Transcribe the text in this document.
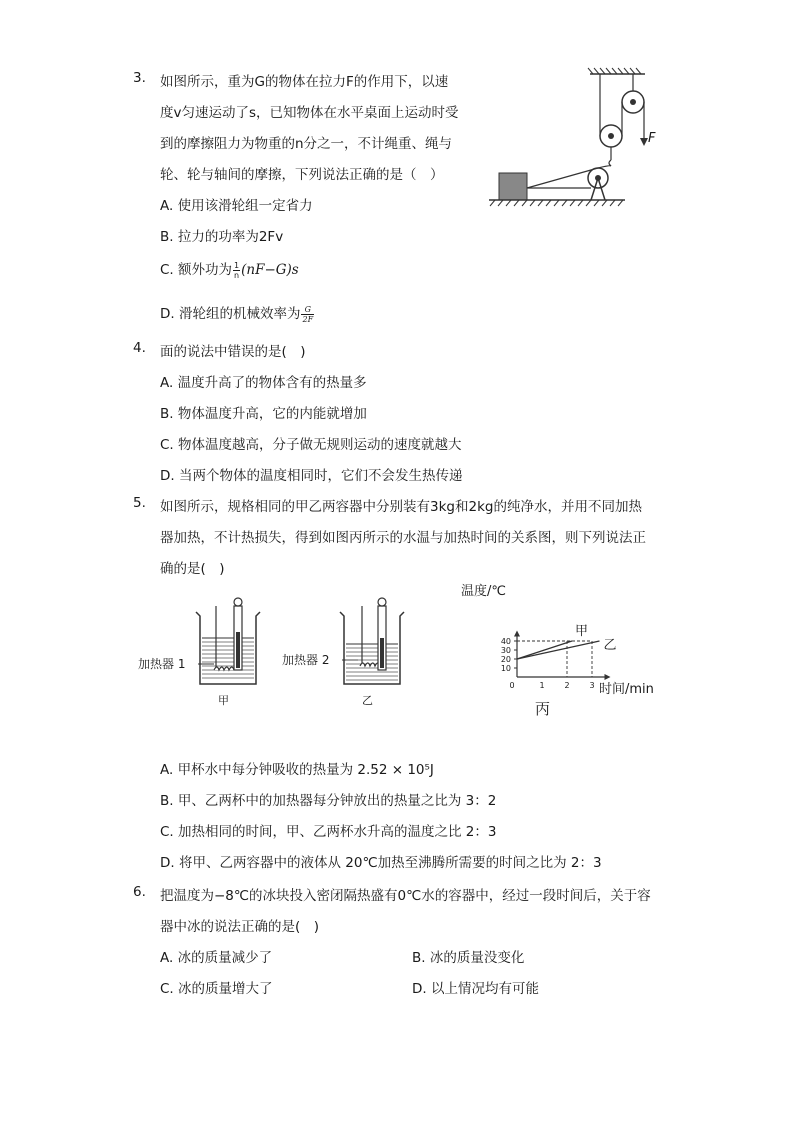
3. 如图所示，重为G的物体在拉力F的作用下，以速
度v匀速运动了s，已知物体在水平桌面上运动时受
到的摩擦阻力为物重的n分之一，不计绳重、绳与
轮、轮与轴间的摩擦，下列说法正确的是（　）
A. 使用该滑轮组一定省力
B. 拉力的功率为2Fv
C. 额外功为 $\frac{1}{n} (nF-G)s$
D. 滑轮组的机械效率为 $\frac{G}{2F}$
F
4. 面的说法中错误的是(　)
A. 温度升高了的物体含有的热量多
B. 物体温度升高，它的内能就增加
C. 物体温度越高，分子做无规则运动的速度就越大
D. 当两个物体的温度相同时，它们不会发生热传递
5. 如图所示，规格相同的甲乙两容器中分别装有3kg和2kg的纯净水，并用不同加热
器加热，不计热损失，得到如图丙所示的水温与加热时间的关系图，则下列说法正
确的是(　)
加热器 1
甲
加热器 2
乙
温度/℃
时间/min
丙
10
20
30
40
0	1 2 3
甲
乙
A. 甲杯水中每分钟吸收的热量为 2.52 × 10⁵J
B. 甲、乙两杯中的加热器每分钟放出的热量之比为 3：2
C. 加热相同的时间，甲、乙两杯水升高的温度之比 2：3
D. 将甲、乙两容器中的液体从 20℃加热至沸腾所需要的时间之比为 2：3
6. 把温度为−8℃的冰块投入密闭隔热盛有0℃水的容器中，经过一段时间后，关于容
器中冰的说法正确的是(　)
A. 冰的质量减少了	B. 冰的质量没变化
C. 冰的质量增大了	D. 以上情况均有可能
